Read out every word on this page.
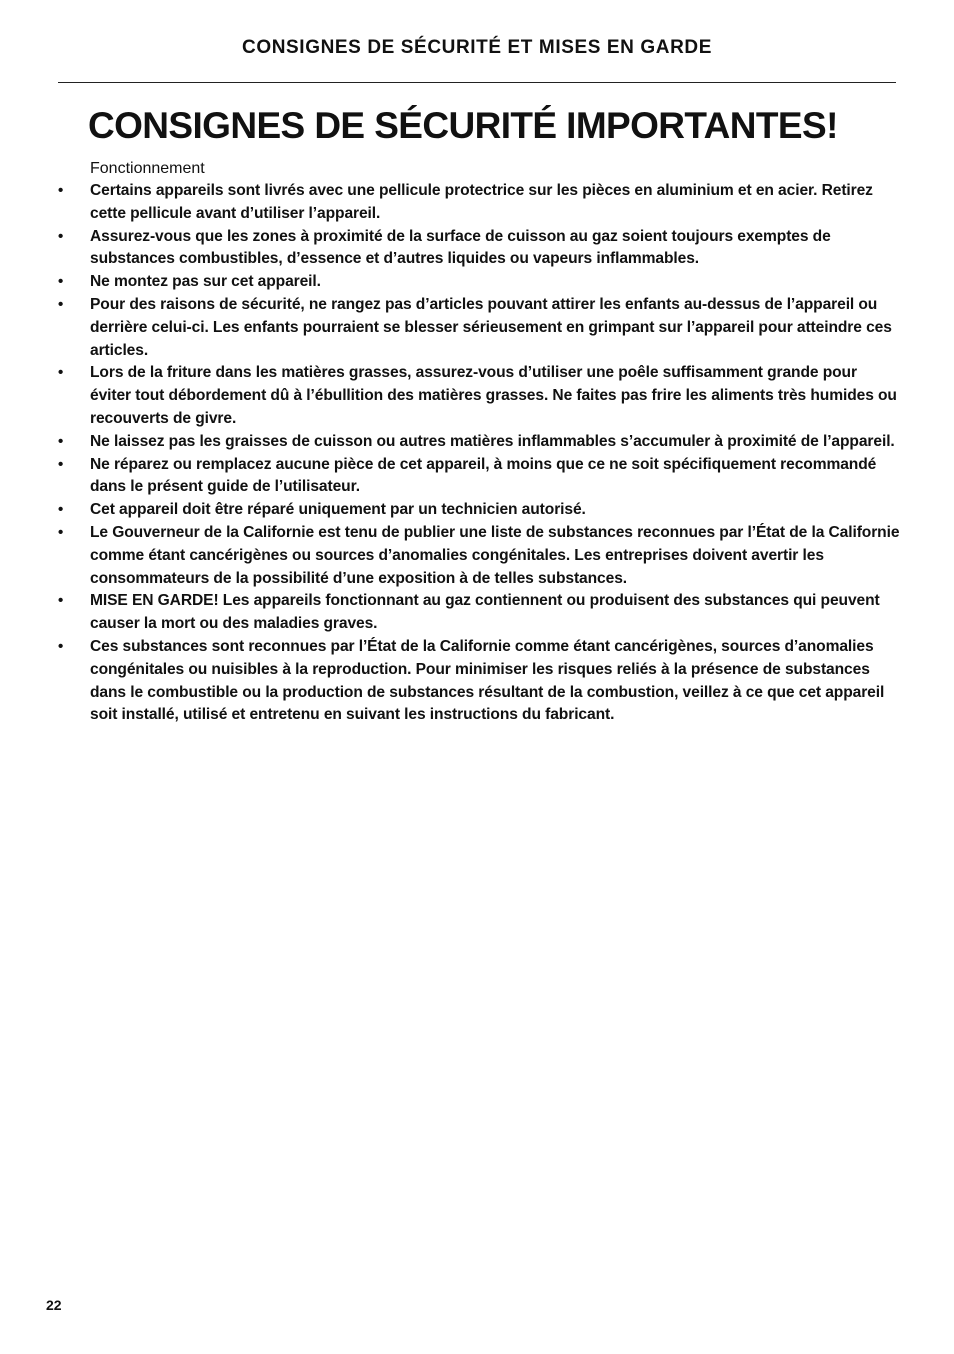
CONSIGNES DE SÉCURITÉ ET MISES EN GARDE
CONSIGNES DE SÉCURITÉ IMPORTANTES!
Fonctionnement
•	Certains appareils sont livrés avec une pellicule protectrice sur les pièces en aluminium et en acier. Retirez cette pellicule avant d’utiliser l’appareil.
•	Assurez-vous que les zones à proximité de la surface de cuisson au gaz soient toujours exemptes de substances combustibles, d’essence et d’autres liquides ou vapeurs inflammables.
•	Ne montez pas sur cet appareil.
•	Pour des raisons de sécurité, ne rangez pas d’articles pouvant attirer les enfants au-dessus de l’appareil ou derrière celui-ci. Les enfants pourraient se blesser sérieusement en grimpant sur l’appareil pour atteindre ces articles.
•	Lors de la friture dans les matières grasses, assurez-vous d’utiliser une poêle suffisamment grande pour éviter tout débordement dû à l’ébullition des matières grasses. Ne faites pas frire les aliments très humides ou recouverts de givre.
•	Ne laissez pas les graisses de cuisson ou autres matières inflammables s’accumuler à proximité de l’appareil.
•	Ne réparez ou remplacez aucune pièce de cet appareil, à moins que ce ne soit spécifiquement recommandé dans le présent guide de l’utilisateur.
•	Cet appareil doit être réparé uniquement par un technicien autorisé.
•	Le Gouverneur de la Californie est tenu de publier une liste de substances reconnues par l’État de la Californie comme étant cancérigènes ou sources d’anomalies congénitales. Les entreprises doivent avertir les consommateurs de la possibilité d’une exposition à de telles substances.
•	MISE EN GARDE! Les appareils fonctionnant au gaz contiennent ou produisent des substances qui peuvent causer la mort ou des maladies graves.
•	Ces substances sont reconnues par l’État de la Californie comme étant cancérigènes, sources d’anomalies congénitales ou nuisibles à la reproduction. Pour minimiser les risques reliés à la présence de substances dans le combustible ou la production de substances résultant de la combustion, veillez à ce que cet appareil soit installé, utilisé et entretenu en suivant les instructions du fabricant.
22
